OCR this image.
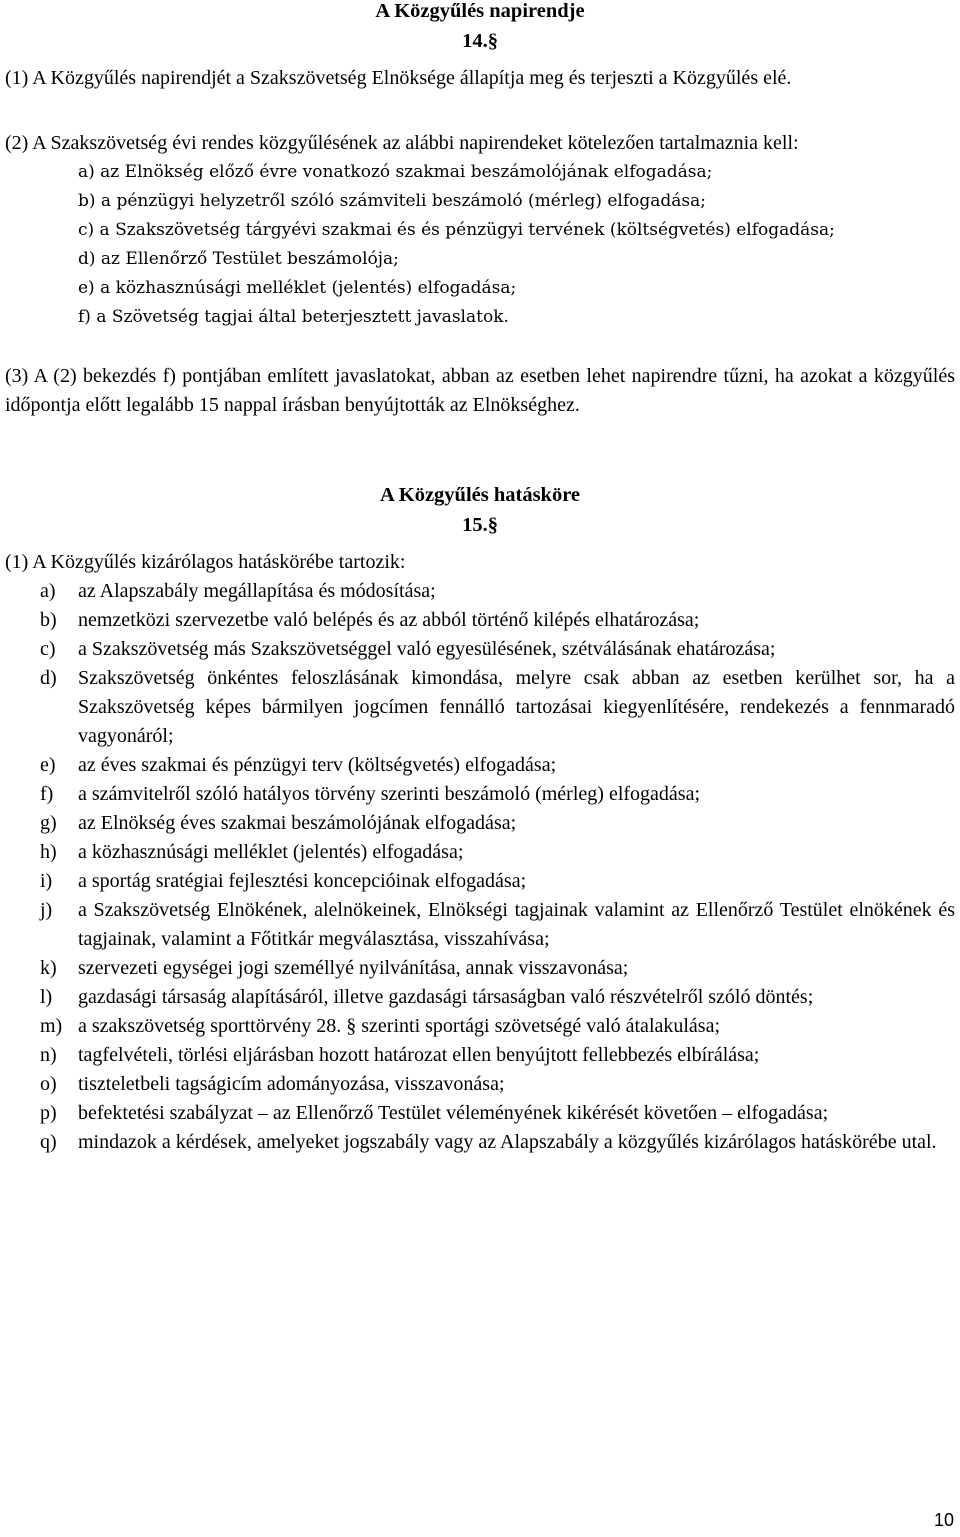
A Közgyűlés napirendje

14.§

(1) A Közgyűlés napirendjét a Szakszövetség Elnöksége állapítja meg és terjeszti a Közgyűlés elé.

(2) A Szakszövetség évi rendes közgyűlésének az alábbi napirendeket kötelezően tartalmaznia kell:

a) az Elnökség előző évre vonatkozó szakmai beszámolójának elfogadása;
b) a pénzügyi helyzetről szóló számviteli beszámoló (mérleg) elfogadása;
c) a Szakszövetség tárgyévi szakmai és és pénzügyi tervének (költségvetés) elfogadása;
d) az Ellenőrző Testület beszámolója;
e) a közhasznúsági melléklet (jelentés) elfogadása;
f) a Szövetség tagjai által beterjesztett javaslatok.

(3) A (2) bekezdés f) pontjában említett javaslatokat, abban az esetben lehet napirendre tűzni, ha azokat a közgyűlés időpontja előtt legalább 15 nappal írásban benyújtották az Elnökséghez.

A Közgyűlés hatásköre

15.§

(1) A Közgyűlés kizárólagos hatáskörébe tartozik:

a)	az Alapszabály megállapítása és módosítása;
b)	nemzetközi szervezetbe való belépés és az abból történő kilépés elhatározása;
c)	a Szakszövetség más Szakszövetséggel való egyesülésének, szétválásának ehatározása;
d)	Szakszövetség önkéntes feloszlásának kimondása, melyre csak abban az esetben kerülhet sor, ha a Szakszövetség képes bármilyen jogcímen fennálló tartozásai kiegyenlítésére, rendekezés a fennmaradó vagyonáról;
e)	az éves szakmai és pénzügyi terv (költségvetés) elfogadása;
f)	a számvitelről szóló hatályos törvény szerinti beszámoló (mérleg) elfogadása;
g)	az Elnökség éves szakmai beszámolójának elfogadása;
h)	a közhasznúsági melléklet (jelentés) elfogadása;
i)	a sportág sratégiai fejlesztési koncepcióinak elfogadása;
j)	a Szakszövetség Elnökének, alelnökeinek, Elnökségi tagjainak valamint az Ellenőrző Testület elnökének és tagjainak, valamint a Főtitkár megválasztása, visszahívása;
k)	szervezeti egységei jogi személlyé nyilvánítása, annak visszavonása;
l)	gazdasági társaság alapításáról, illetve gazdasági társaságban való részvételről szóló döntés;
m) a szakszövetség sporttörvény 28. § szerinti sportági szövetségé való átalakulása;
n)	tagfelvételi, törlési eljárásban hozott határozat ellen benyújtott fellebbezés elbírálása;
o)	tiszteletbeli tagságicím adományozása, visszavonása;
p)	befektetési szabályzat – az Ellenőrző Testület véleményének kikérését követően – elfogadása;
q)	mindazok a kérdések, amelyeket jogszabály vagy az Alapszabály a közgyűlés kizárólagos hatáskörébe utal.
10
